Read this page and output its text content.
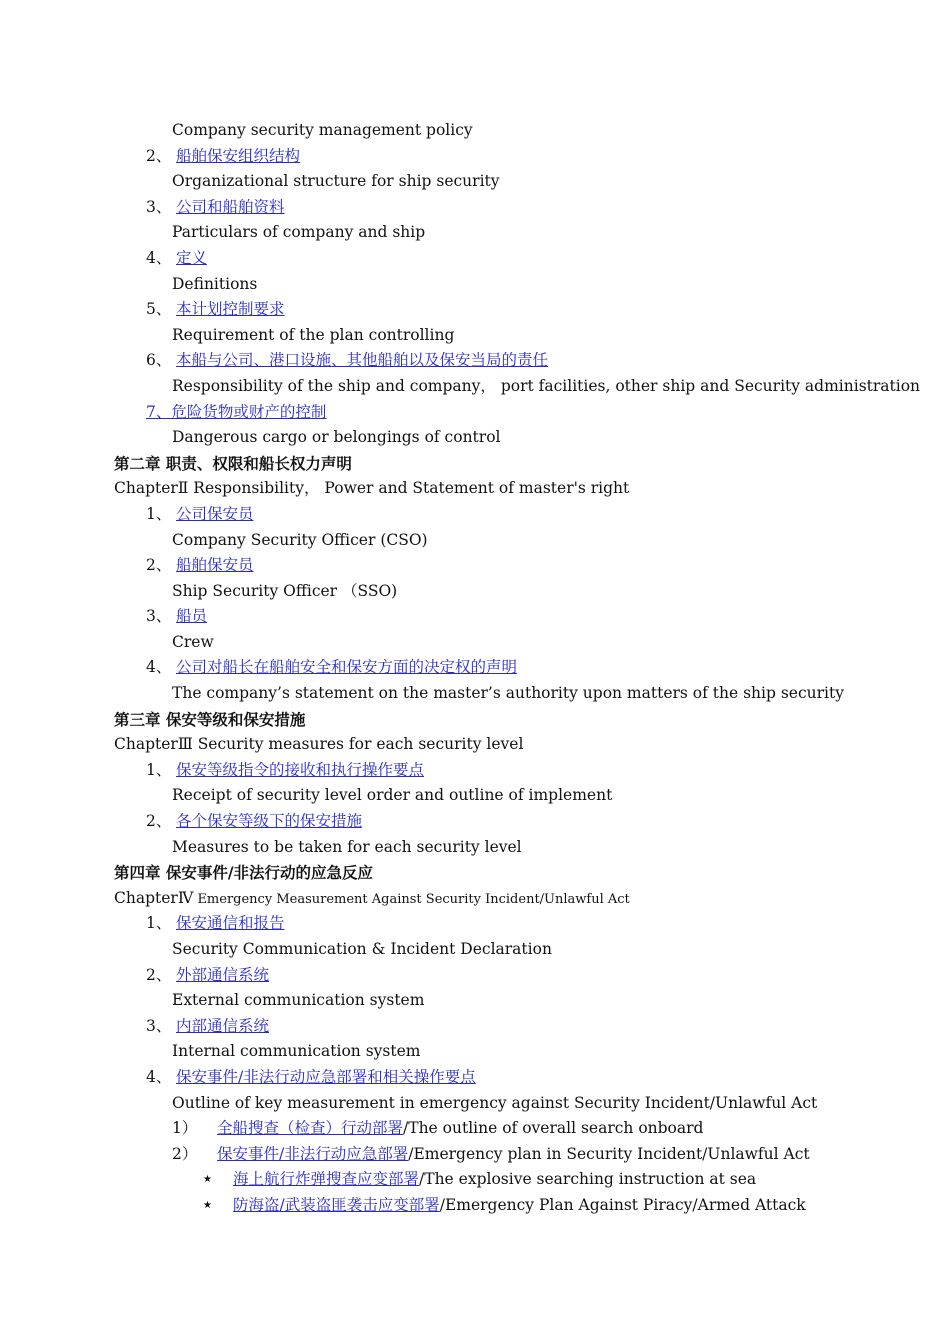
Company security management policy
2、 船舶保安组织结构
Organizational structure for ship security
3、 公司和船舶资料
Particulars of company and ship
4、 定义
Definitions
5、 本计划控制要求
Requirement of the plan controlling
6、 本船与公司、港口设施、其他船舶以及保安当局的责任
Responsibility of the ship and company， port facilities, other ship and Security administration
7、危险货物或财产的控制
Dangerous cargo or belongings of control
第二章 职责、权限和船长权力声明
ChapterⅡ Responsibility， Power and Statement of master's right
1、 公司保安员
Company Security Officer (CSO)
2、 船舶保安员
Ship Security Officer （SSO)
3、 船员
Crew
4、 公司对船长在船舶安全和保安方面的决定权的声明
The company’s statement on the master’s authority upon matters of the ship security
第三章 保安等级和保安措施
ChapterⅢ Security measures for each security level
1、 保安等级指令的接收和执行操作要点
Receipt of security level order and outline of implement
2、 各个保安等级下的保安措施
Measures to be taken for each security level
第四章 保安事件/非法行动的应急反应
ChapterⅣ Emergency Measurement Against Security Incident/Unlawful Act
1、 保安通信和报告
Security Communication & Incident Declaration
2、 外部通信系统
External communication system
3、 内部通信系统
Internal communication system
4、 保安事件/非法行动应急部署和相关操作要点
Outline of key measurement in emergency against Security Incident/Unlawful Act
1） 全船搜查（检查）行动部署/The outline of overall search onboard
2） 保安事件/非法行动应急部署/Emergency plan in Security Incident/Unlawful Act
★ 海上航行炸弹搜查应变部署/The explosive searching instruction at sea
★ 防海盗/武装盗匪袭击应变部署/Emergency Plan Against Piracy/Armed Attack
